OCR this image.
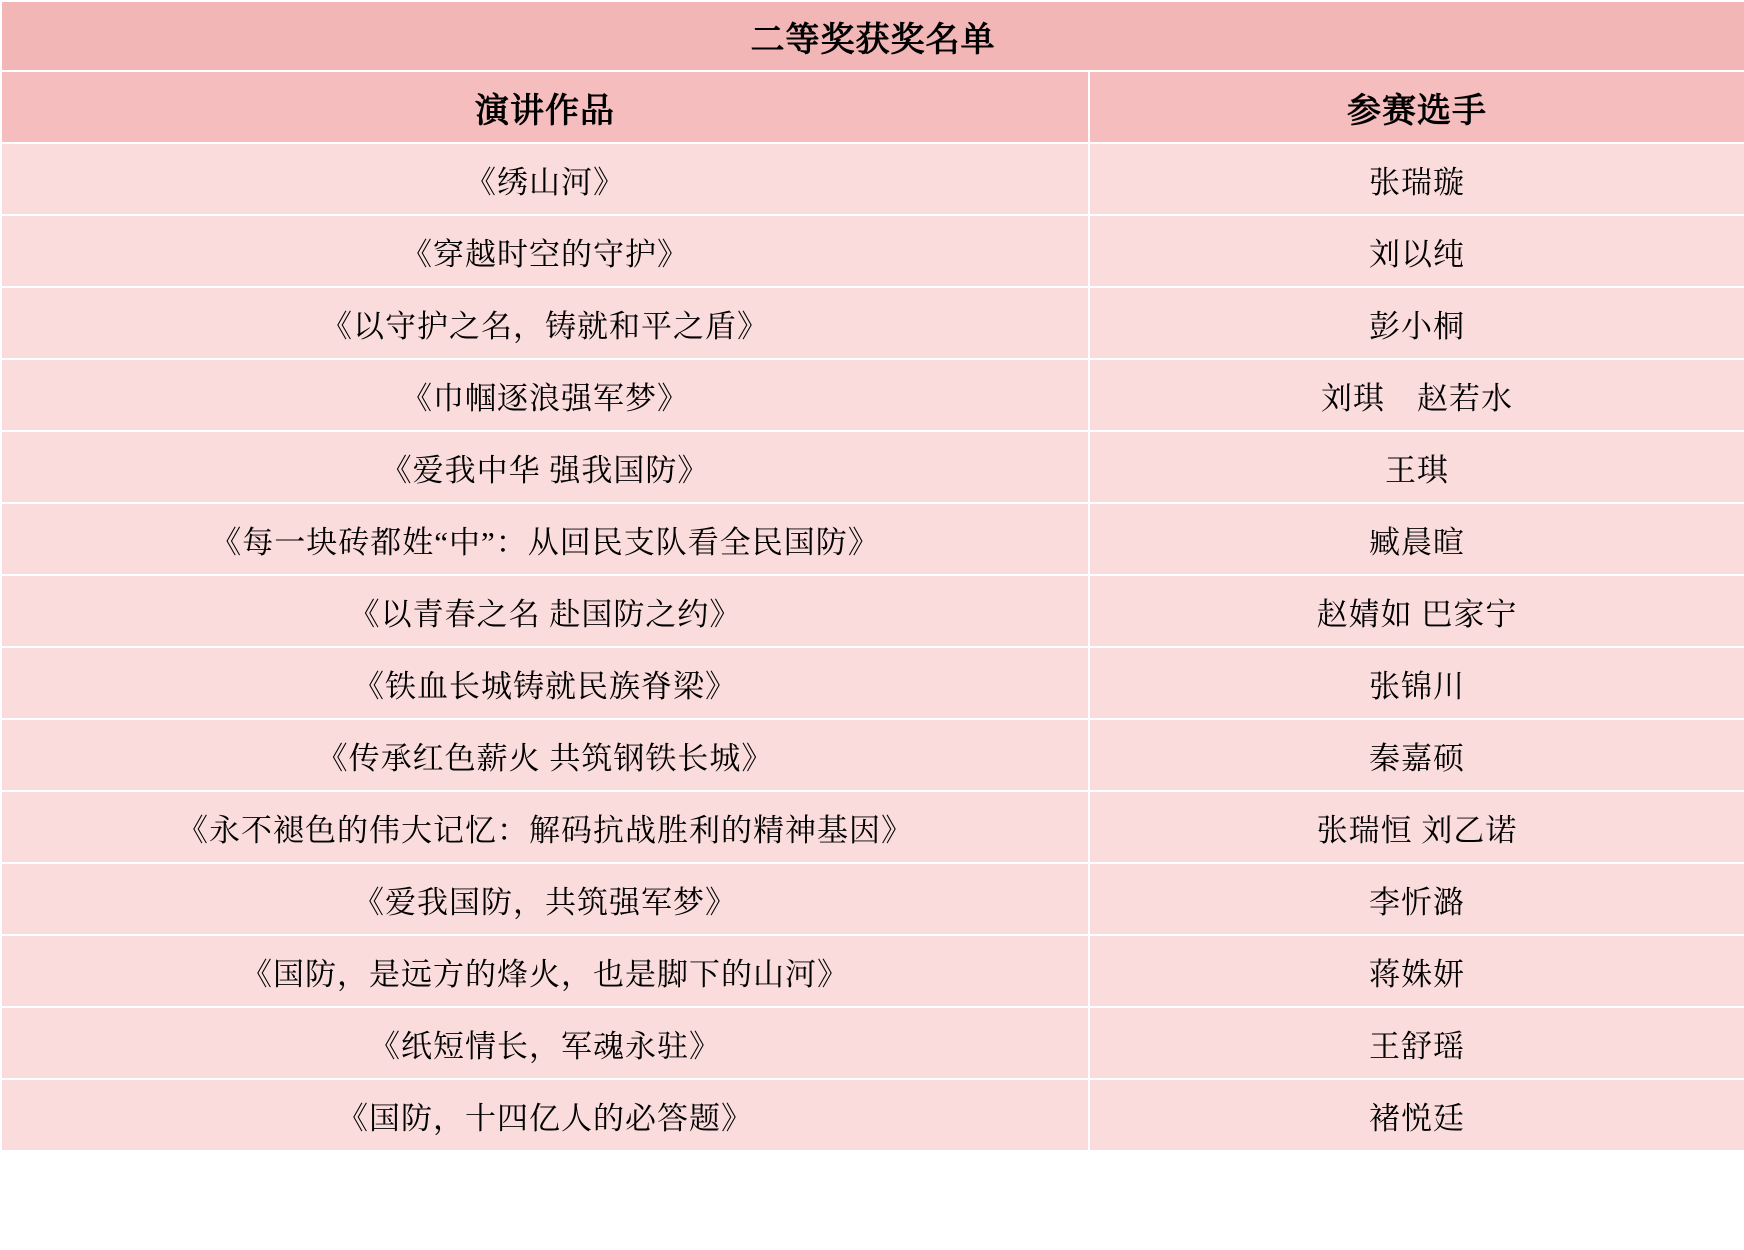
二等奖获奖名单	
演讲作品	参赛选手
《绣山河》	张瑞璇
《穿越时空的守护》	刘以纯
《以守护之名，铸就和平之盾》	彭小桐
《巾帼逐浪强军梦》	刘琪　赵若水
《爱我中华 强我国防》	王琪
《每一块砖都姓“中”：从回民支队看全民国防》	臧晨暄
《以青春之名 赴国防之约》	赵婧如 巴家宁
《铁血长城铸就民族脊梁》	张锦川
《传承红色薪火 共筑钢铁长城》	秦嘉硕
《永不褪色的伟大记忆：解码抗战胜利的精神基因》	张瑞恒 刘乙诺
《爱我国防，共筑强军梦》	李忻潞
《国防，是远方的烽火，也是脚下的山河》	蒋姝妍
《纸短情长，军魂永驻》	王舒瑶
《国防，十四亿人的必答题》	褚悦廷
